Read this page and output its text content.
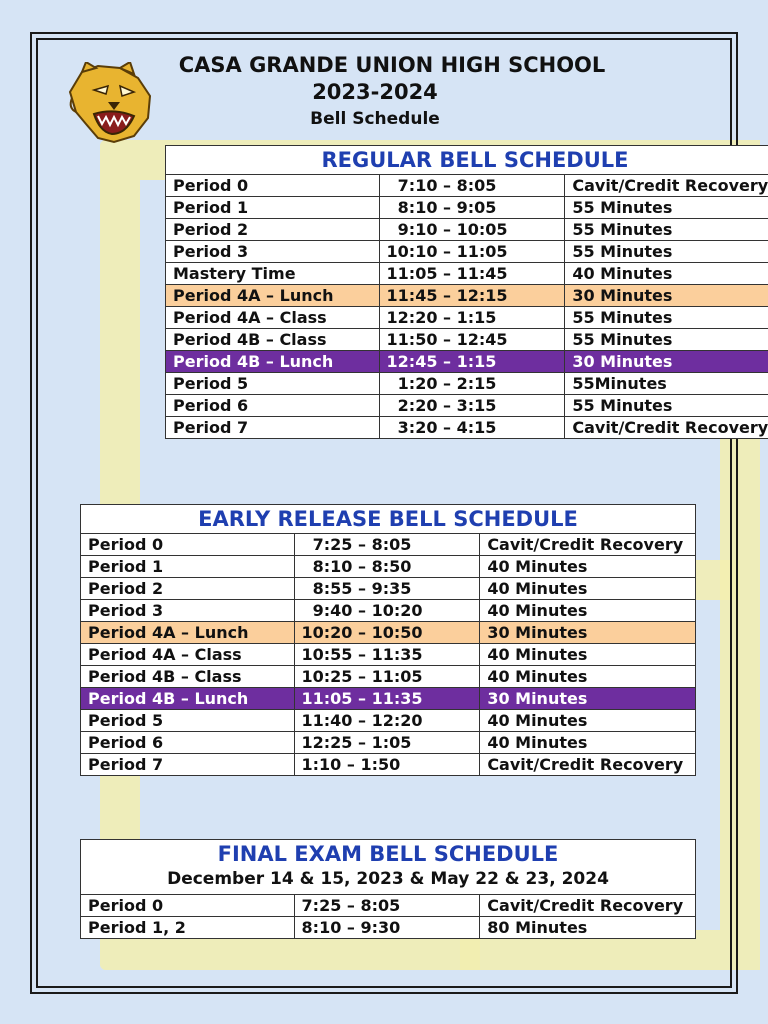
CASA GRANDE UNION HIGH SCHOOL
2023-2024
Bell Schedule
REGULAR BELL SCHEDULE		
Period 0	7:10 – 8:05	Cavit/Credit Recovery
Period 1	8:10 – 9:05	55 Minutes
Period 2	9:10 – 10:05	55 Minutes
Period 3	10:10 – 11:05	55 Minutes
Mastery Time	11:05 – 11:45	40 Minutes
Period 4A – Lunch	11:45 – 12:15	30 Minutes
Period 4A – Class	12:20 – 1:15	55 Minutes
Period 4B – Class	11:50 – 12:45	55 Minutes
Period 4B – Lunch	12:45 – 1:15	30 Minutes
Period 5	1:20 – 2:15	55Minutes
Period 6	2:20 – 3:15	55 Minutes
Period 7	3:20 – 4:15	Cavit/Credit Recovery
EARLY RELEASE BELL SCHEDULE		
Period 0	7:25 – 8:05	Cavit/Credit Recovery
Period 1	8:10 – 8:50	40 Minutes
Period 2	8:55 – 9:35	40 Minutes
Period 3	9:40 – 10:20	40 Minutes
Period 4A – Lunch	10:20 – 10:50	30 Minutes
Period 4A – Class	10:55 – 11:35	40 Minutes
Period 4B – Class	10:25 – 11:05	40 Minutes
Period 4B – Lunch	11:05 – 11:35	30 Minutes
Period 5	11:40 – 12:20	40 Minutes
Period 6	12:25 – 1:05	40 Minutes
Period 7	1:10 – 1:50	Cavit/Credit Recovery
FINAL EXAM BELL SCHEDULE		
December 14 & 15, 2023 & May 22 & 23, 2024		
Period 0	7:25 – 8:05	Cavit/Credit Recovery
Period 1, 2	8:10 – 9:30	80 Minutes
